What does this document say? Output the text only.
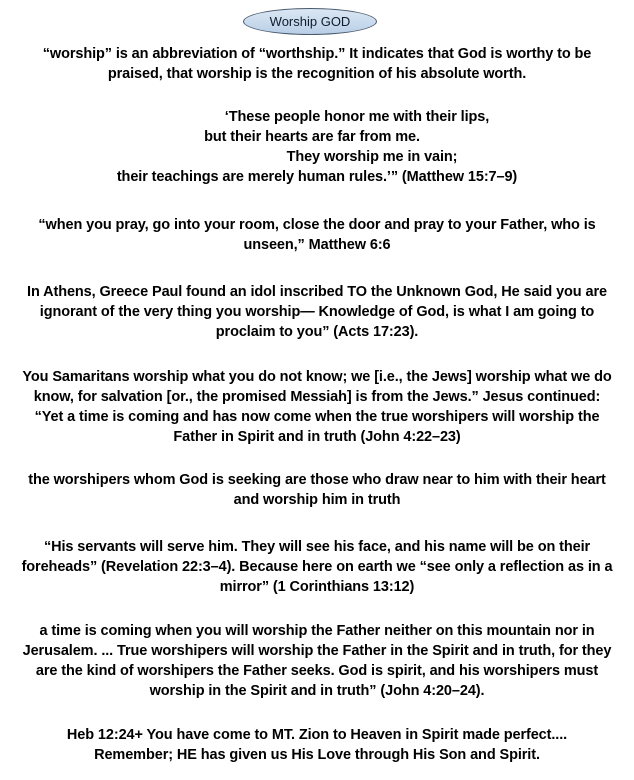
Worship GOD

“worship” is an abbreviation of “worthship.” It indicates that God is worthy to be

praised, that worship is the recognition of his absolute worth.

‘These people honor me with their lips,

but their hearts are far from me.

They worship me in vain;

their teachings are merely human rules.’” (Matthew 15:7–9)

“when you pray, go into your room, close the door and pray to your Father, who is

unseen,” Matthew 6:6

In Athens, Greece Paul found an idol inscribed TO the Unknown God, He said you are

ignorant of the very thing you worship— Knowledge of God, is what I am going to

proclaim to you” (Acts 17:23).

You Samaritans worship what you do not know; we [i.e., the Jews] worship what we do

know, for salvation [or., the promised Messiah] is from the Jews.” Jesus continued:

“Yet a time is coming and has now come when the true worshipers will worship the

Father in Spirit and in truth (John 4:22–23)

the worshipers whom God is seeking are those who draw near to him with their heart

and worship him in truth

“His servants will serve him. They will see his face, and his name will be on their

foreheads” (Revelation 22:3–4). Because here on earth we “see only a reflection as in a

mirror” (1 Corinthians 13:12)

a time is coming when you will worship the Father neither on this mountain nor in

Jerusalem. ... True worshipers will worship the Father in the Spirit and in truth, for they

are the kind of worshipers the Father seeks. God is spirit, and his worshipers must

worship in the Spirit and in truth” (John 4:20–24).

Heb 12:24+ You have come to MT. Zion to Heaven in Spirit made perfect....

Remember; HE has given us His Love through His Son and Spirit.
